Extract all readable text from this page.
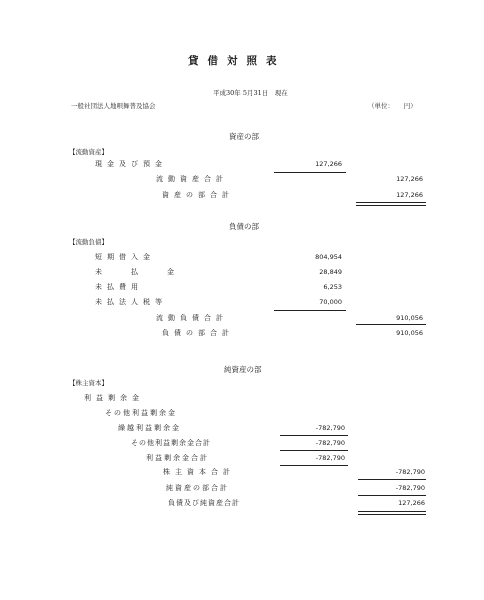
貸借対照表
平成30年 5月31日　現在
一般社団法人地唄舞普及協会	（単位：　　円）
資産の部
【流動資産】
現金及び預金	127,266
流動資産合計	127,266
資産の部合計	127,266
負債の部
【流動負債】
短期借入金	804,954
未　　払　　金	28,849
未払費用	6,253
未払法人税等	70,000
流動負債合計	910,056
負債の部合計	910,056
純資産の部
【株主資本】
利益剰余金
その他利益剰余金
繰越利益剰余金	-782,790
その他利益剰余金合計	-782,790
利益剰余金合計	-782,790
株主資本合計	-782,790
純資産の部合計	-782,790
負債及び純資産合計	127,266
